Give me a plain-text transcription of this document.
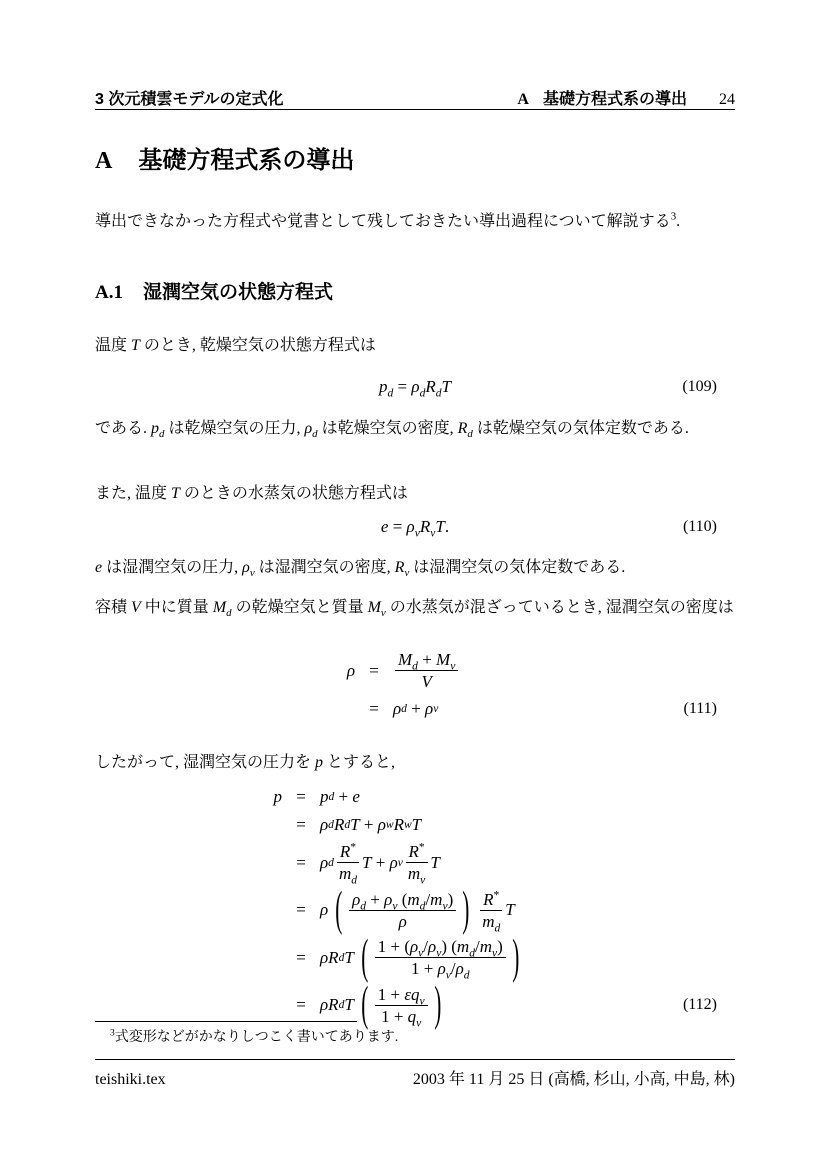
3 次元積雲モデルの定式化	A 基礎方程式系の導出 24
A 基礎方程式系の導出
導出できなかった方程式や覚書として残しておきたい導出過程について解説する$^3$.
A.1 湿潤空気の状態方程式
温度 T のとき, 乾燥空気の状態方程式は
$p_d = \rho_dR_dT$	(109)
である. $p_d$ は乾燥空気の圧力, $\rho_d$ は乾燥空気の密度, $R_d$ は乾燥空気の気体定数である.
また, 温度 T のときの水蒸気の状態方程式は
$e = \rho_vR_vT$.	(110)
e は湿潤空気の圧力, $\rho_v$ は湿潤空気の密度, $R_v$ は湿潤空気の気体定数である.
容積 V 中に質量 $M_d$ の乾燥空気と質量 $M_v$ の水蒸気が混ざっているとき, 湿潤空気の密度は
$\rho = \frac{M_d + M_v}{V}$
= ρ d + ρ v	(111)
したがって, 湿潤空気の圧力を p とすると,
p = p d + e
= ρ d R d T + ρ w R w T
= ρ d $\frac{R^*}{m_d}$ T + ρ v $\frac{R^*}{m_v}$ T
= ρ
( $\frac{\rho_d + \rho_v (m_d/m_v)}{\rho}$ )
$\frac{R^*}{m_d}$ T
= ρ R d T
( $\frac{1 + (\rho_v/\rho_v) (m_d/m_v)}{1 + \rho_v/\rho_d}$ )
= ρ R d T
( $\frac{1 + \varepsilon q_v}{1 + q_v}$ )	(112)
$^3$式変形などがかなりしつこく書いてあります.
teishiki.tex	2003 年 11 月 25 日 (高橋, 杉山, 小高, 中島, 林)
